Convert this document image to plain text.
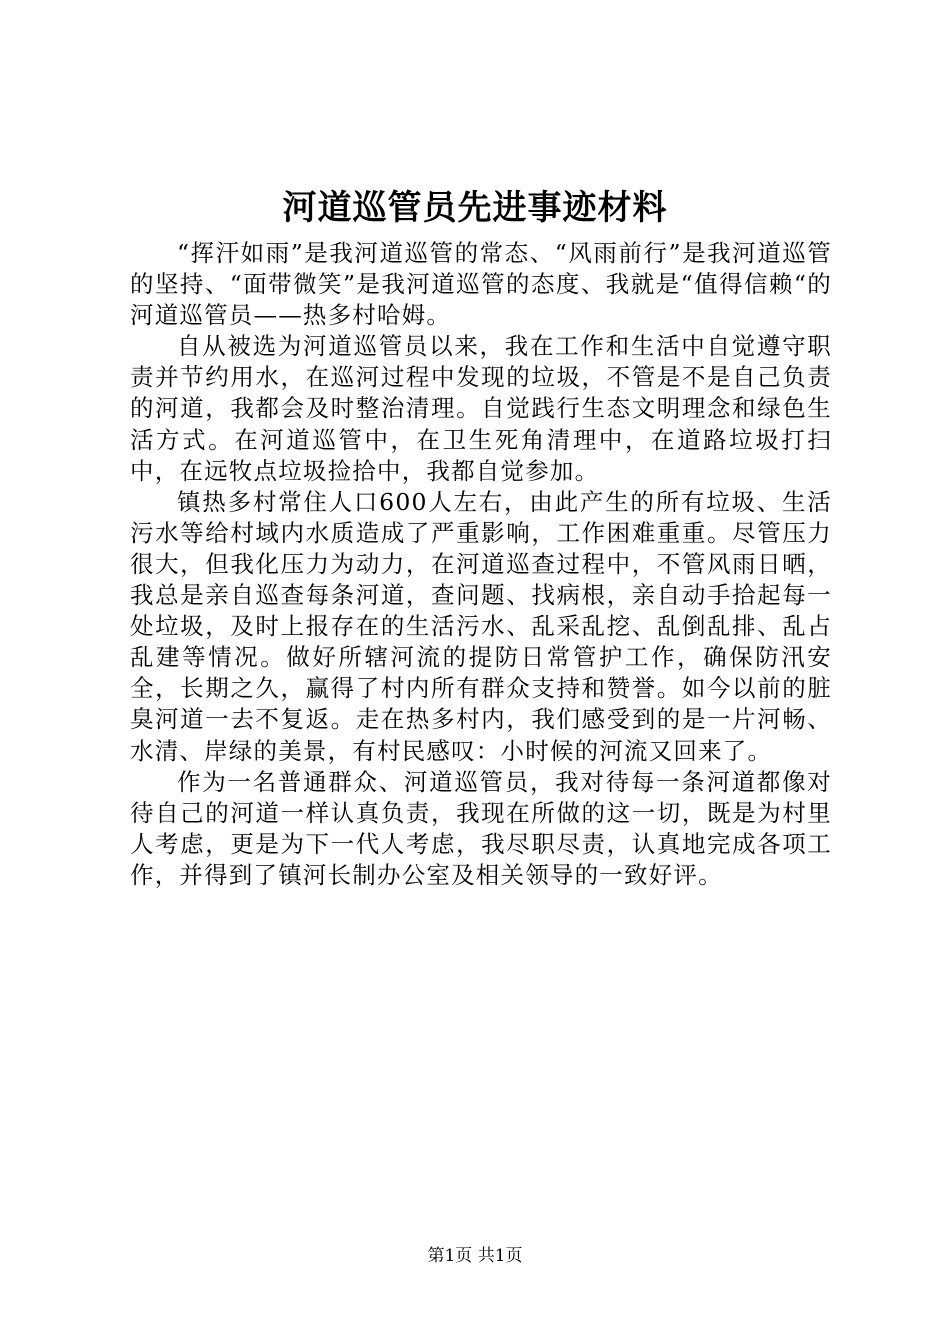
河道巡管员先进事迹材料

“挥汗如雨”是我河道巡管的常态、“风雨前行”是我河道巡管的坚持、“面带微笑”是我河道巡管的态度、我就是“值得信赖“的河道巡管员——热多村哈姆。

自从被选为河道巡管员以来，我在工作和生活中自觉遵守职责并节约用水，在巡河过程中发现的垃圾，不管是不是自己负责的河道，我都会及时整治清理。自觉践行生态文明理念和绿色生活方式。在河道巡管中，在卫生死角清理中，在道路垃圾打扫中，在远牧点垃圾捡拾中，我都自觉参加。

镇热多村常住人口600人左右，由此产生的所有垃圾、生活污水等给村域内水质造成了严重影响，工作困难重重。尽管压力很大，但我化压力为动力，在河道巡查过程中，不管风雨日晒，我总是亲自巡查每条河道，查问题、找病根，亲自动手拾起每一处垃圾，及时上报存在的生活污水、乱采乱挖、乱倒乱排、乱占乱建等情况。做好所辖河流的提防日常管护工作，确保防汛安全，长期之久，赢得了村内所有群众支持和赞誉。如今以前的脏臭河道一去不复返。走在热多村内，我们感受到的是一片河畅、水清、岸绿的美景，有村民感叹：小时候的河流又回来了。

作为一名普通群众、河道巡管员，我对待每一条河道都像对待自己的河道一样认真负责，我现在所做的这一切，既是为村里人考虑，更是为下一代人考虑，我尽职尽责，认真地完成各项工作，并得到了镇河长制办公室及相关领导的一致好评。

第1页 共1页
